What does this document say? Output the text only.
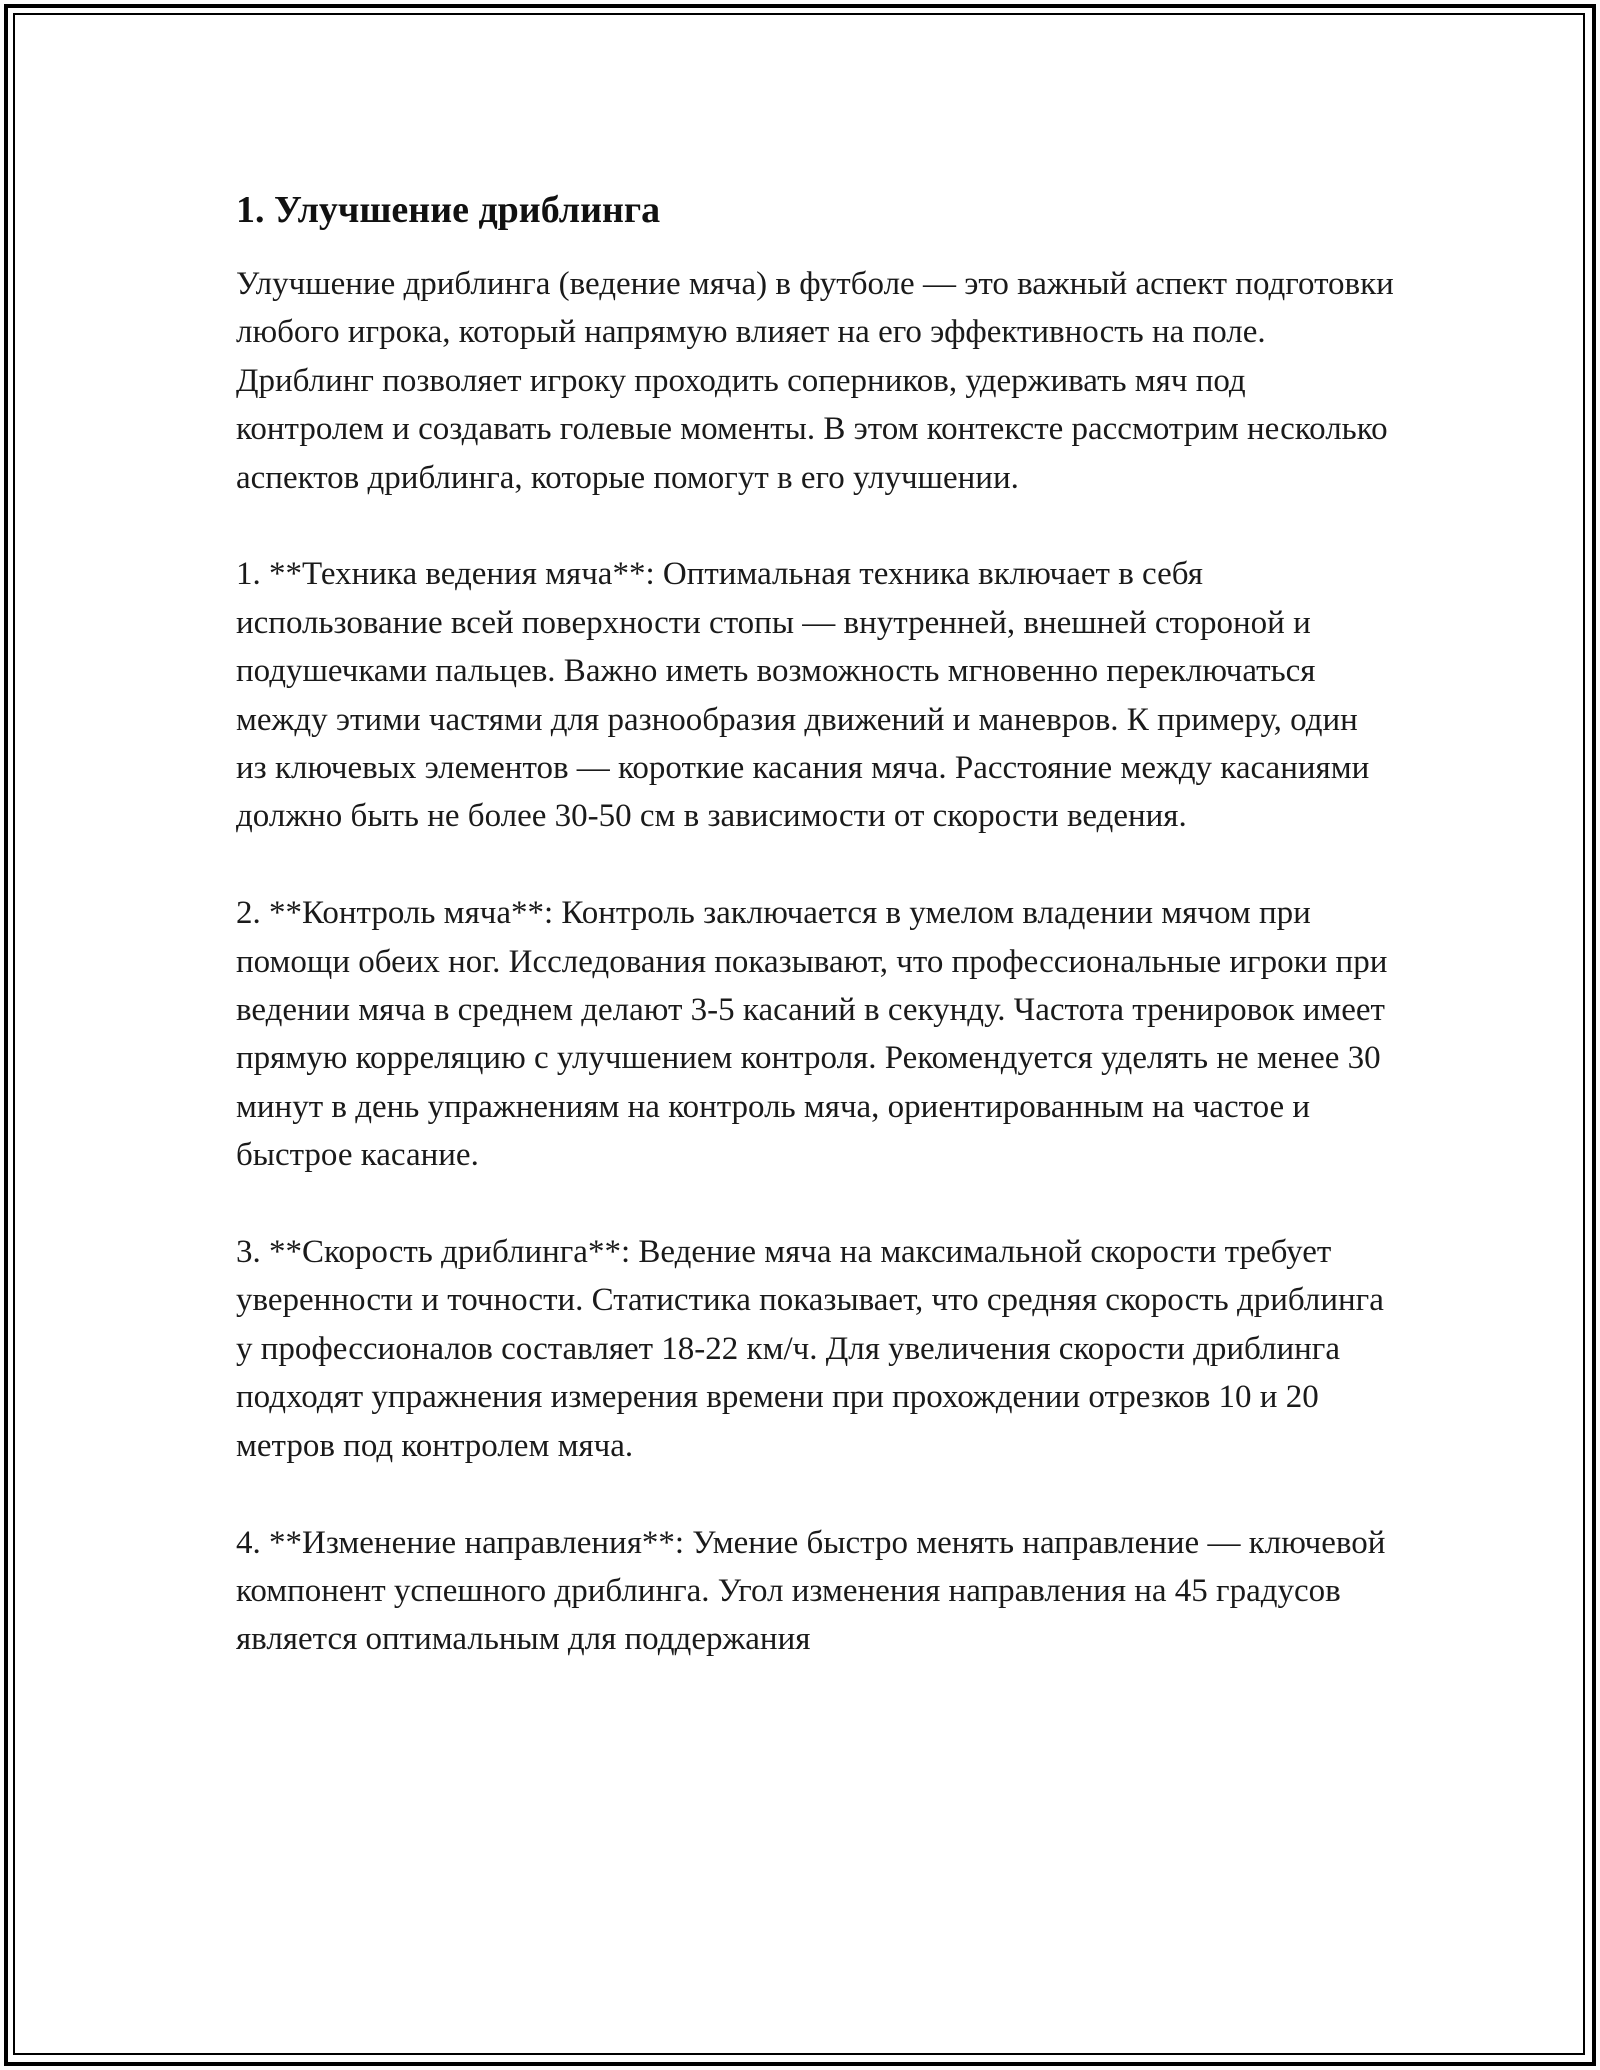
1. Улучшение дриблинга

Улучшение дриблинга (ведение мяча) в футболе — это важный аспект подготовки любого игрока, который напрямую влияет на его эффективность на поле. Дриблинг позволяет игроку проходить соперников, удерживать мяч под контролем и создавать голевые моменты. В этом контексте рассмотрим несколько аспектов дриблинга, которые помогут в его улучшении.

1. **Техника ведения мяча**: Оптимальная техника включает в себя использование всей поверхности стопы — внутренней, внешней стороной и подушечками пальцев. Важно иметь возможность мгновенно переключаться между этими частями для разнообразия движений и маневров. К примеру, один из ключевых элементов — короткие касания мяча. Расстояние между касаниями должно быть не более 30-50 см в зависимости от скорости ведения.

2. **Контроль мяча**: Контроль заключается в умелом владении мячом при помощи обеих ног. Исследования показывают, что профессиональные игроки при ведении мяча в среднем делают 3-5 касаний в секунду. Частота тренировок имеет прямую корреляцию с улучшением контроля. Рекомендуется уделять не менее 30 минут в день упражнениям на контроль мяча, ориентированным на частое и быстрое касание.

3. **Скорость дриблинга**: Ведение мяча на максимальной скорости требует уверенности и точности. Статистика показывает, что средняя скорость дриблинга у профессионалов составляет 18-22 км/ч. Для увеличения скорости дриблинга подходят упражнения измерения времени при прохождении отрезков 10 и 20 метров под контролем мяча.

4. **Изменение направления**: Умение быстро менять направление — ключевой компонент успешного дриблинга. Угол изменения направления на 45 градусов является оптимальным для поддержания
